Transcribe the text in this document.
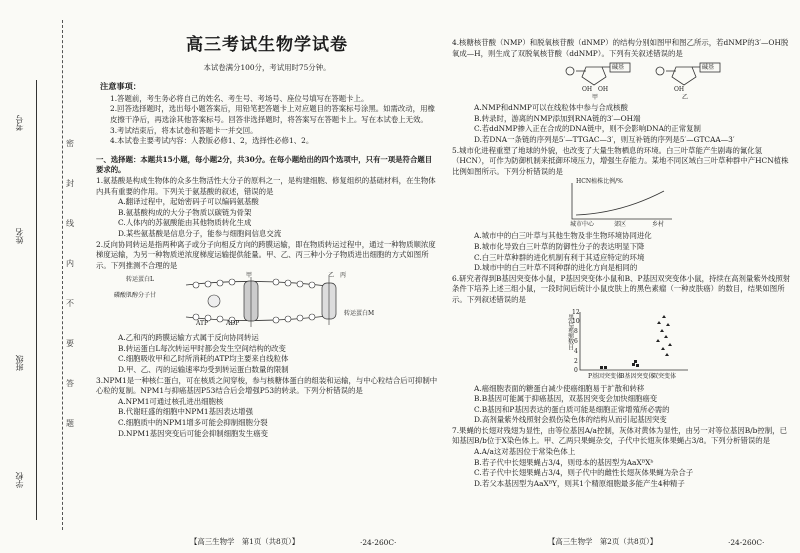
考号
姓名
班级
学校
密
封
线
内
不
要
答
题
高三考试生物学试卷
本试卷满分100分，考试用时75分钟。
注意事项：

1.答题前，考生务必将自己的姓名、考生号、考场号、座位号填写在答题卡上。

2.回答选择题时，选出每小题答案后，用铅笔把答题卡上对应题目的答案标号涂黑。如需改动，用橡皮擦干净后，再选涂其他答案标号。回答非选择题时，将答案写在答题卡上。写在本试卷上无效。

3.考试结束后，将本试卷和答题卡一并交回。

4.本试卷主要考试内容：人教版必修1、2，选择性必修1、2。

一、选择题：本题共15小题，每小题2分，共30分。在每小题给出的四个选项中，只有一项是符合题目要求的。

1.氨基酸是构成生物体的众多生物活性大分子的原料之一，是构建细胞、修复组织的基础材料，在生物体内具有重要的作用。下列关于氨基酸的叙述，错误的是

A.翻译过程中，起始密码子可以编码氨基酸

B.氨基酸构成的大分子物质以碳链为骨架

C.人体内的苏氨酸能由其他物质转化生成

D.某些氨基酸是信息分子，能参与细胞间信息交流

2.反向协同转运是指两种离子或分子向相反方向的跨膜运输，即在物质转运过程中，通过一种物质顺浓度梯度运输，为另一种物质逆浓度梯度运输提供能量。甲、乙、丙三种小分子物质进出细胞的方式如图所示。下列推测不合理的是

转运蛋白L
磷酸肌醇分子甘
ATP	ADP
转运蛋白M
甲	乙 丙

A.乙和丙的跨膜运输方式属于反向协同转运

B.转运蛋白L每次转运甲时都会发生空间结构的改变

C.细胞吸收甲和乙时所消耗的ATP均主要来自线粒体

D.甲、乙、丙的运输速率均受到转运蛋白数量的限制

3.NPM1是一种核仁蛋白，可在核质之间穿梭，参与核糖体蛋白的组装和运输，与中心粒结合后可抑制中心粒的复制。NPM1与抑癌基因P53结合后会增强P53的转录。下列分析错误的是

A.NPM1可通过核孔进出细胞核

B.代谢旺盛的细胞中NPM1基因表达增强

C.细胞质中的NPM1增多可能会抑制细胞分裂

D.NPM1基因突变后可能会抑制细胞发生癌变

【高三生物学　第1页（共8页）】	·24-260C·

4.核糖核苷酸（NMP）和脱氧核苷酸（dNMP）的结构分别如图甲和图乙所示，若dNMP的3′—OH脱氧成—H，则生成了双脱氧核苷酸（ddNMP）。下列有关叙述错误的是

碱基
OH OH
甲
碱基
OH
乙

A.NMP和dNMP可以在线粒体中参与合成核酸

B.转录时，游离的NMP添加到RNA链的3′—OH端

C.若ddNMP掺入正在合成的DNA链中，则不会影响DNA的正常复制

D.若DNA一条链的序列是5′—TTGAC—3′，则互补链的序列是5′—GTCAA—3′

5.城市化进程重塑了地球的外貌，也改变了大量生物栖息的环境。白三叶草能产生剧毒的氰化氢（HCN），可作为防御机制来抵御环境压力，增强生存能力。某地不同区域白三叶草种群中产HCN植株比例如图所示。下列分析错误的是

HCN植株比例/%
城市中心	郊区	乡村

A.城市中的白三叶草与其他生物及非生物环境协同进化

B.城市化导致白三叶草的防御性分子的表达明显下降

C.白三叶草种群的进化机制有利于其适应特定的环境

D.城市中的白三叶草不同种群的进化方向是相同的

6.研究者得到B基因突变体小鼠，P基因突变体小鼠和B、P基因双突变体小鼠，持续在高剂量紫外线照射条件下培养上述三组小鼠，一段时间后统计小鼠皮肤上的黑色素瘤（一种皮肤癌）的数目，结果如图所示。下列叙述错误的是

黑色素瘤数目
12
10
8
6
4
2
0
P基因突变体
B基因突变体
双突变体

A.癌细胞表面的糖蛋白减少使癌细胞易于扩散和转移

B.B基因可能属于抑癌基因，双基因突变会加快细胞癌变

C.B基因和P基因表达的蛋白质可能是细胞正常增殖所必需的

D.高剂量紫外线照射会损伤染色体的结构从而引起基因突变

7.果蝇的长翅对残翅为显性，由等位基因A/a控制，灰体对黄体为显性，由另一对等位基因B/b控制，已知基因B/b位于X染色体上。甲、乙两只果蝇杂交，子代中长翅灰体果蝇占3/8。下列分析错误的是

A.A/a这对基因位于常染色体上

B.若子代中长翅果蝇占3/4，则母本的基因型为AaXᴮXᵇ

C.若子代中长翅果蝇占3/4，则子代中的雌性长翅灰体果蝇为杂合子

D.若父本基因型为AaXᴮY，则其1个精原细胞最多能产生4种精子

【高三生物学　第2页（共8页）】	·24-260C·
